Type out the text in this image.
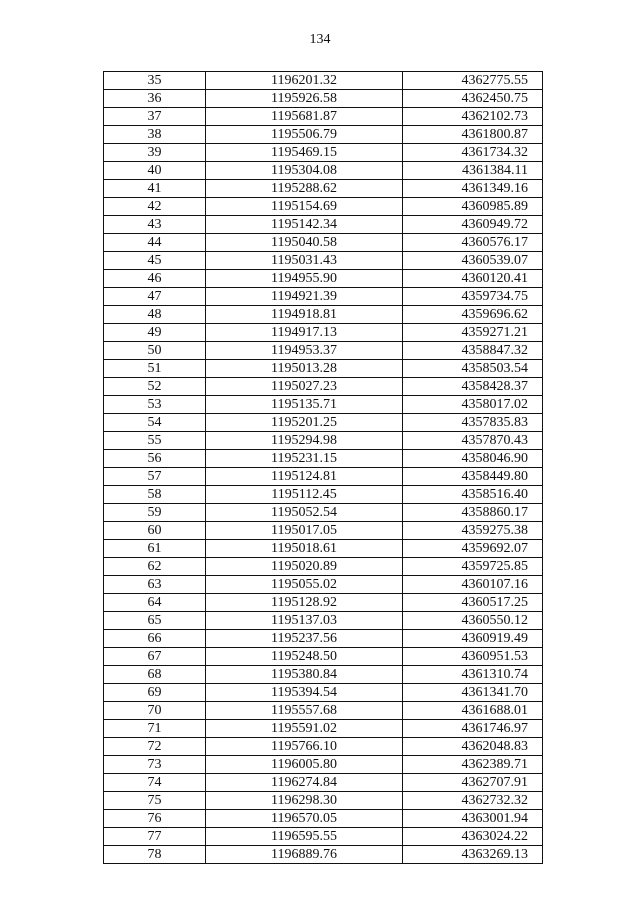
134
35	1196201.32	4362775.55
36	1195926.58	4362450.75
37	1195681.87	4362102.73
38	1195506.79	4361800.87
39	1195469.15	4361734.32
40	1195304.08	4361384.11
41	1195288.62	4361349.16
42	1195154.69	4360985.89
43	1195142.34	4360949.72
44	1195040.58	4360576.17
45	1195031.43	4360539.07
46	1194955.90	4360120.41
47	1194921.39	4359734.75
48	1194918.81	4359696.62
49	1194917.13	4359271.21
50	1194953.37	4358847.32
51	1195013.28	4358503.54
52	1195027.23	4358428.37
53	1195135.71	4358017.02
54	1195201.25	4357835.83
55	1195294.98	4357870.43
56	1195231.15	4358046.90
57	1195124.81	4358449.80
58	1195112.45	4358516.40
59	1195052.54	4358860.17
60	1195017.05	4359275.38
61	1195018.61	4359692.07
62	1195020.89	4359725.85
63	1195055.02	4360107.16
64	1195128.92	4360517.25
65	1195137.03	4360550.12
66	1195237.56	4360919.49
67	1195248.50	4360951.53
68	1195380.84	4361310.74
69	1195394.54	4361341.70
70	1195557.68	4361688.01
71	1195591.02	4361746.97
72	1195766.10	4362048.83
73	1196005.80	4362389.71
74	1196274.84	4362707.91
75	1196298.30	4362732.32
76	1196570.05	4363001.94
77	1196595.55	4363024.22
78	1196889.76	4363269.13
